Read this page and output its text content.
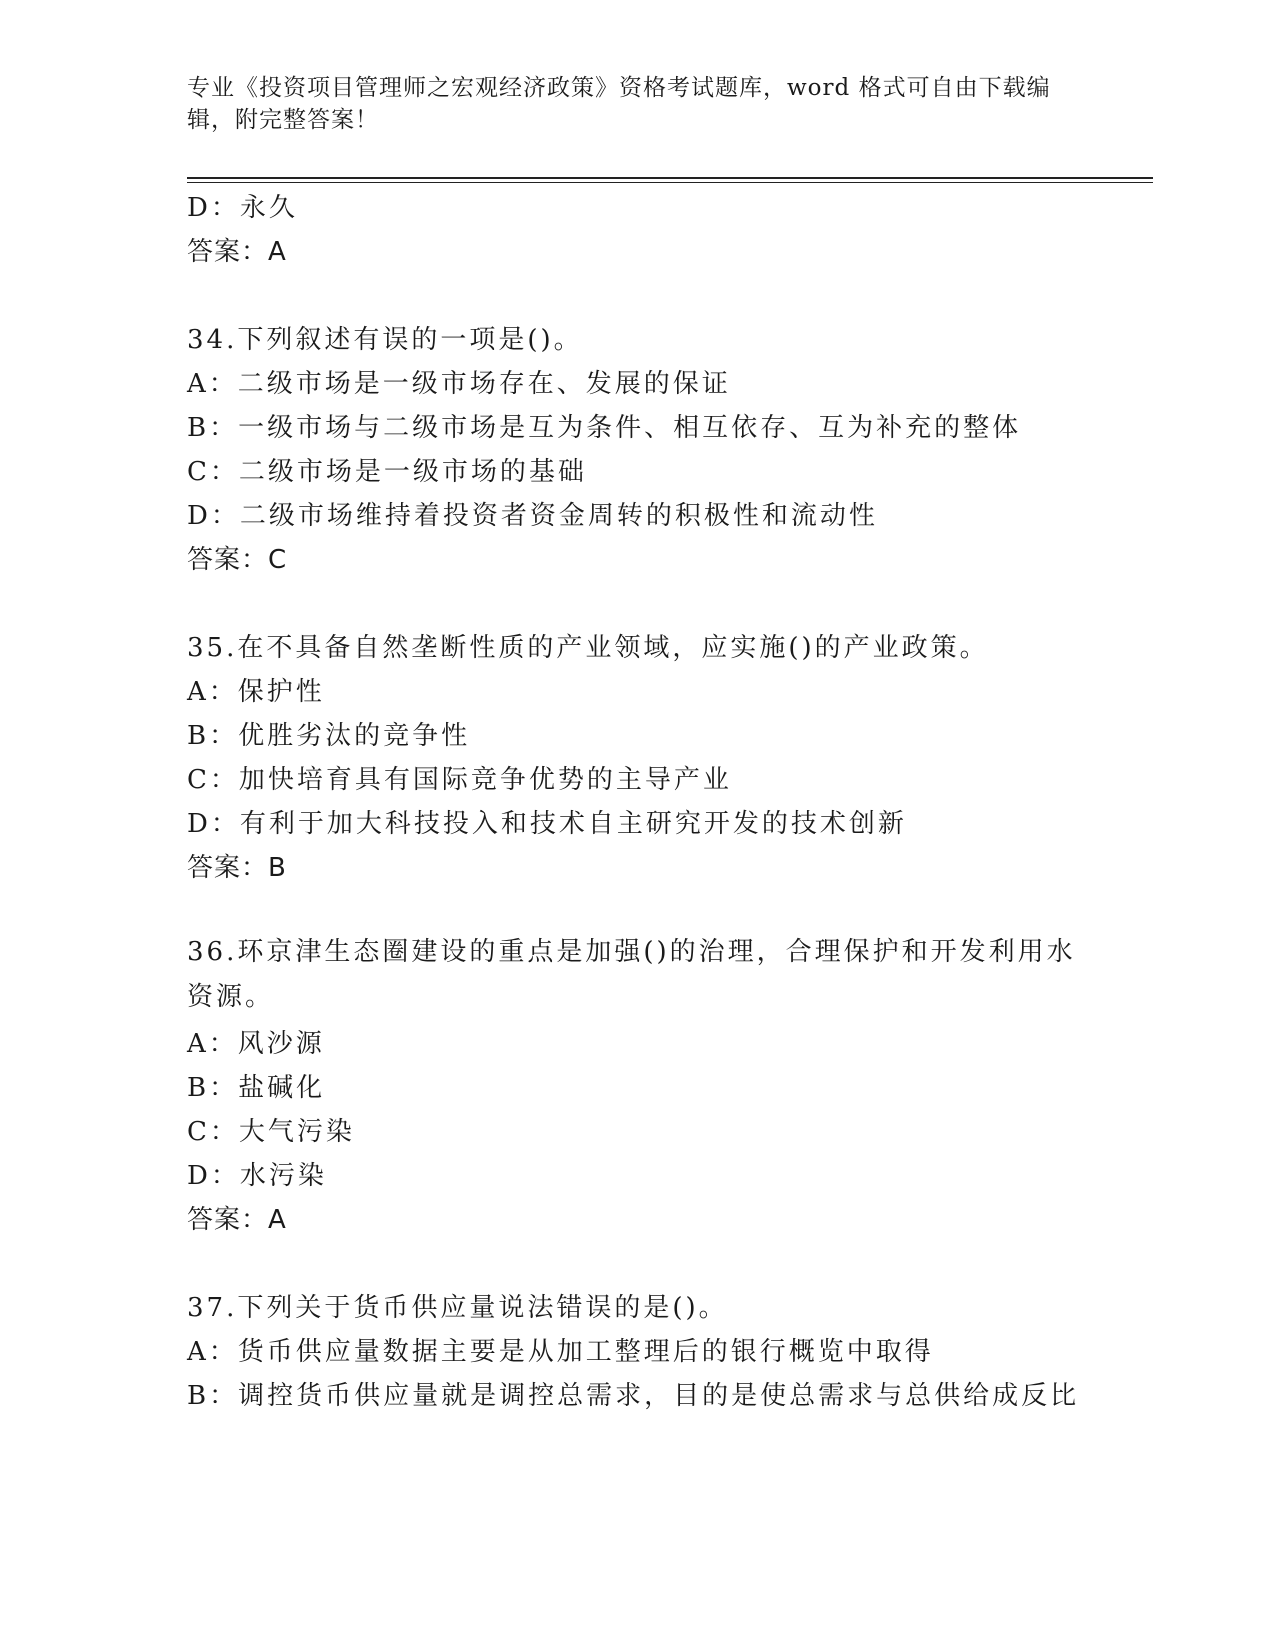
专业《投资项目管理师之宏观经济政策》资格考试题库，word 格式可自由下载编辑，附完整答案！
D：永久
答案：A
34.下列叙述有误的一项是()。
A：二级市场是一级市场存在、发展的保证
B：一级市场与二级市场是互为条件、相互依存、互为补充的整体
C：二级市场是一级市场的基础
D：二级市场维持着投资者资金周转的积极性和流动性
答案：C
35.在不具备自然垄断性质的产业领域，应实施()的产业政策。
A：保护性
B：优胜劣汰的竞争性
C：加快培育具有国际竞争优势的主导产业
D：有利于加大科技投入和技术自主研究开发的技术创新
答案：B
36.环京津生态圈建设的重点是加强()的治理，合理保护和开发利用水资源。
A：风沙源
B：盐碱化
C：大气污染
D：水污染
答案：A
37.下列关于货币供应量说法错误的是()。
A：货币供应量数据主要是从加工整理后的银行概览中取得
B：调控货币供应量就是调控总需求，目的是使总需求与总供给成反比
